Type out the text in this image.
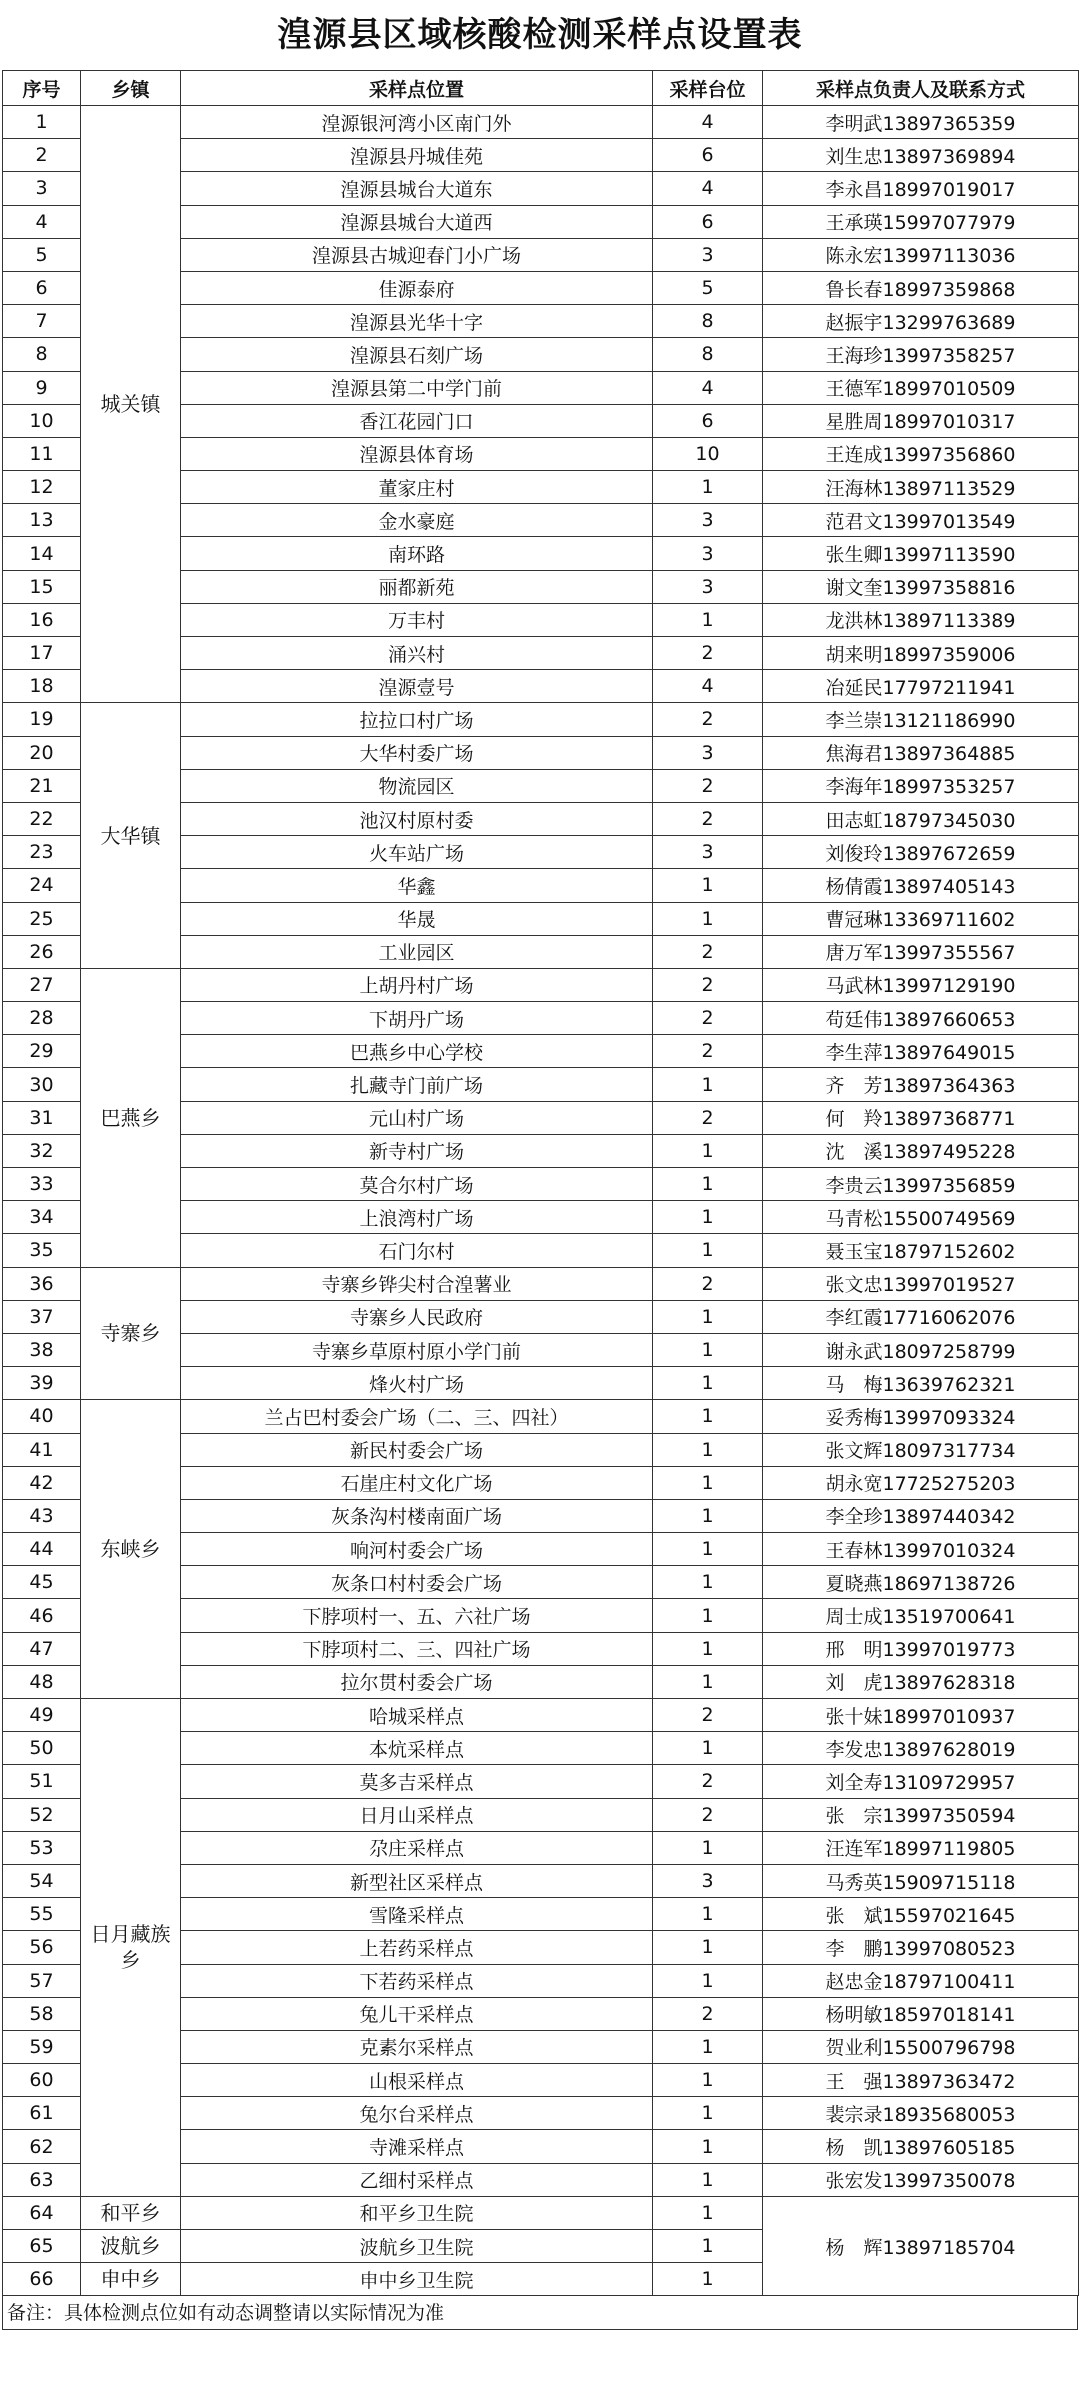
湟源县区域核酸检测采样点设置表
序号	乡镇	采样点位置	采样台位	采样点负责人及联系方式
1	城关镇	湟源银河湾小区南门外	4	李明武13897365359
2		湟源县丹城佳苑	6	刘生忠13897369894
3		湟源县城台大道东	4	李永昌18997019017
4		湟源县城台大道西	6	王承瑛15997077979
5		湟源县古城迎春门小广场	3	陈永宏13997113036
6		佳源泰府	5	鲁长春18997359868
7		湟源县光华十字	8	赵振宇13299763689
8		湟源县石刻广场	8	王海珍13997358257
9		湟源县第二中学门前	4	王德军18997010509
10		香江花园门口	6	星胜周18997010317
11		湟源县体育场	10	王连成13997356860
12		董家庄村	1	汪海林13897113529
13		金水豪庭	3	范君文13997013549
14		南环路	3	张生卿13997113590
15		丽都新苑	3	谢文奎13997358816
16		万丰村	1	龙洪林13897113389
17		涌兴村	2	胡来明18997359006
18		湟源壹号	4	冶延民17797211941
19	大华镇	拉拉口村广场	2	李兰崇13121186990
20		大华村委广场	3	焦海君13897364885
21		物流园区	2	李海年18997353257
22		池汉村原村委	2	田志虹18797345030
23		火车站广场	3	刘俊玲13897672659
24		华鑫	1	杨倩霞13897405143
25		华晟	1	曹冠琳13369711602
26		工业园区	2	唐万军13997355567
27	巴燕乡	上胡丹村广场	2	马武林13997129190
28		下胡丹广场	2	苟廷伟13897660653
29		巴燕乡中心学校	2	李生萍13897649015
30		扎藏寺门前广场	1	齐　芳13897364363
31		元山村广场	2	何　羚13897368771
32		新寺村广场	1	沈　溪13897495228
33		莫合尔村广场	1	李贵云13997356859
34		上浪湾村广场	1	马青松15500749569
35		石门尔村	1	聂玉宝18797152602
36	寺寨乡	寺寨乡铧尖村合湟薯业	2	张文忠13997019527
37		寺寨乡人民政府	1	李红霞17716062076
38		寺寨乡草原村原小学门前	1	谢永武18097258799
39		烽火村广场	1	马　梅13639762321
40	东峡乡	兰占巴村委会广场（二、三、四社）	1	妥秀梅13997093324
41		新民村委会广场	1	张文辉18097317734
42		石崖庄村文化广场	1	胡永宽17725275203
43		灰条沟村楼南面广场	1	李全珍13897440342
44		响河村委会广场	1	王春林13997010324
45		灰条口村村委会广场	1	夏晓燕18697138726
46		下脖项村一、五、六社广场	1	周士成13519700641
47		下脖项村二、三、四社广场	1	邢　明13997019773
48		拉尔贯村委会广场	1	刘　虎13897628318
49	日月藏族乡	哈城采样点	2	张十妹18997010937
50		本炕采样点	1	李发忠13897628019
51		莫多吉采样点	2	刘全寿13109729957
52		日月山采样点	2	张　宗13997350594
53		尕庄采样点	1	汪连军18997119805
54		新型社区采样点	3	马秀英15909715118
55		雪隆采样点	1	张　斌15597021645
56		上若药采样点	1	李　鹏13997080523
57		下若药采样点	1	赵忠金18797100411
58		兔儿干采样点	2	杨明敏18597018141
59		克素尔采样点	1	贺业利15500796798
60		山根采样点	1	王　强13897363472
61		兔尔台采样点	1	裴宗录18935680053
62		寺滩采样点	1	杨　凯13897605185
63		乙细村采样点	1	张宏发13997350078
64	和平乡	和平乡卫生院	1	杨　辉13897185704
65	波航乡	波航乡卫生院	1	
66	申中乡	申中乡卫生院	1	
备注：具体检测点位如有动态调整请以实际情况为准
